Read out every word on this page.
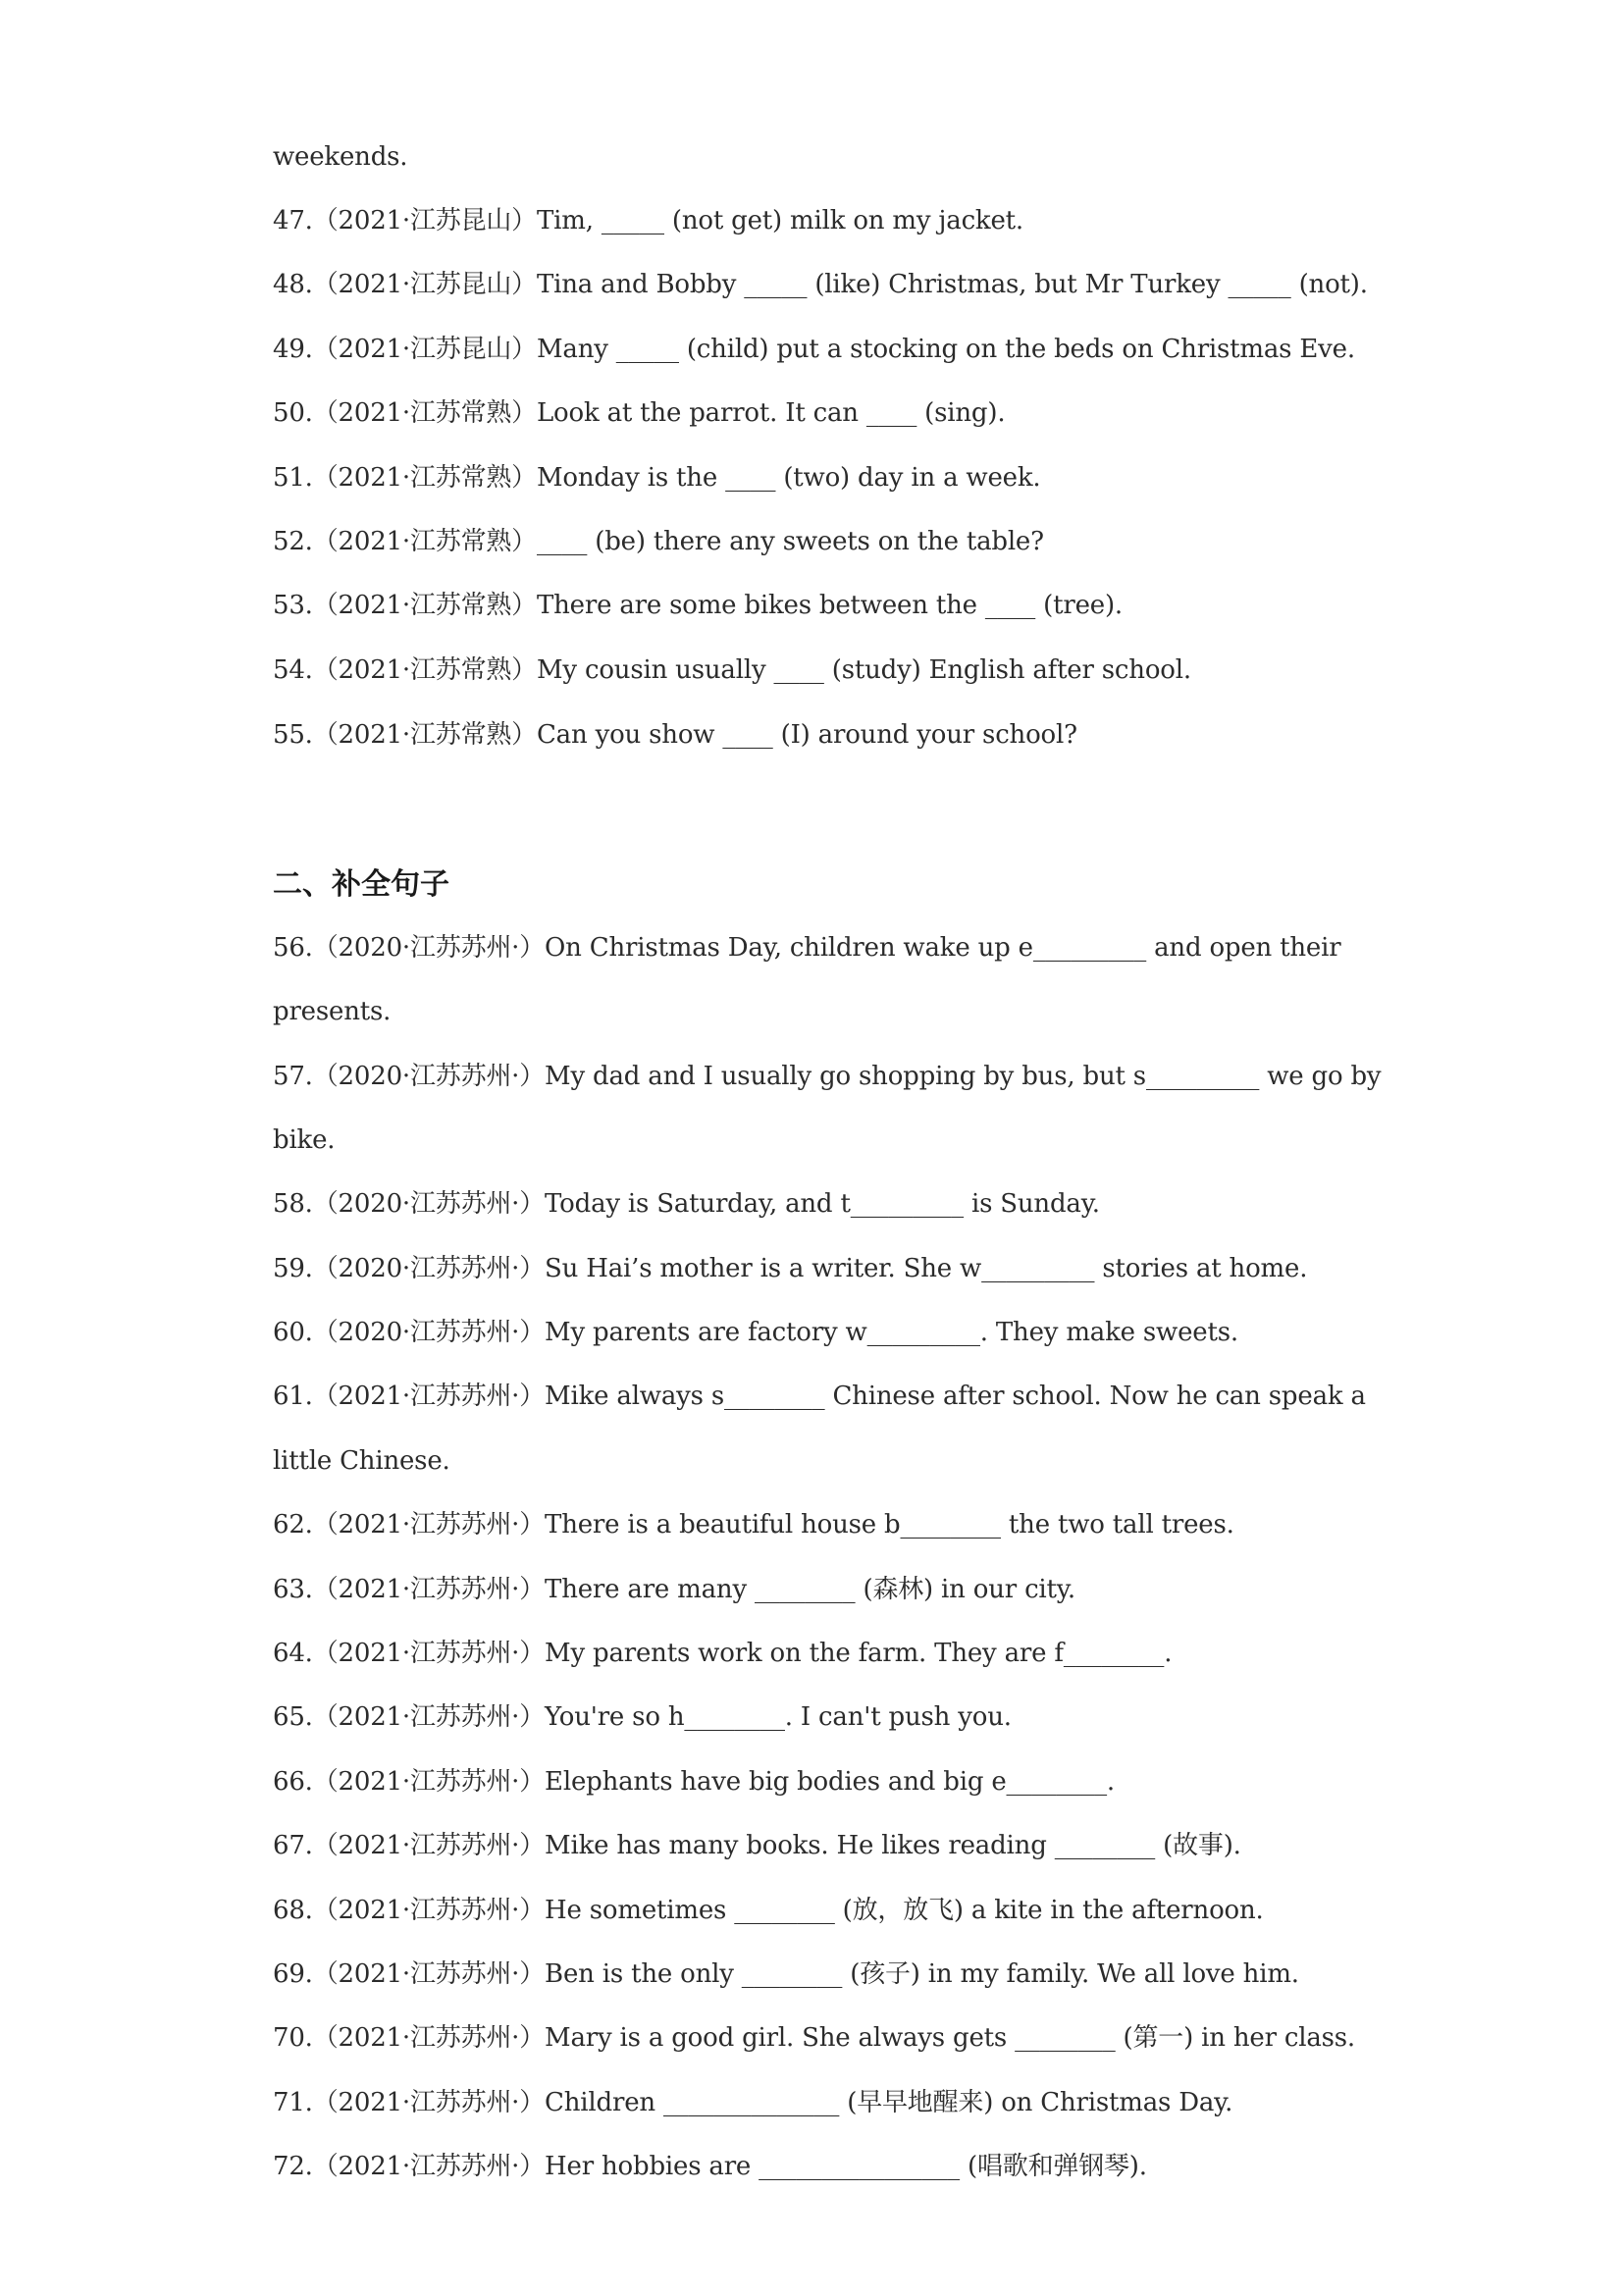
weekends.
47.（2021·江苏昆山）Tim, _____ (not get) milk on my jacket.
48.（2021·江苏昆山）Tina and Bobby _____ (like) Christmas, but Mr Turkey _____ (not).
49.（2021·江苏昆山）Many _____ (child) put a stocking on the beds on Christmas Eve.
50.（2021·江苏常熟）Look at the parrot. It can ____ (sing).
51.（2021·江苏常熟）Monday is the ____ (two) day in a week.
52.（2021·江苏常熟）____ (be) there any sweets on the table?
53.（2021·江苏常熟）There are some bikes between the ____ (tree).
54.（2021·江苏常熟）My cousin usually ____ (study) English after school.
55.（2021·江苏常熟）Can you show ____ (I) around your school?
二、补全句子
56.（2020·江苏苏州·）On Christmas Day, children wake up e_________ and open their
presents.
57.（2020·江苏苏州·）My dad and I usually go shopping by bus, but s_________ we go by
bike.
58.（2020·江苏苏州·）Today is Saturday, and t_________ is Sunday.
59.（2020·江苏苏州·）Su Hai’s mother is a writer. She w_________ stories at home.
60.（2020·江苏苏州·）My parents are factory w_________. They make sweets.
61.（2021·江苏苏州·）Mike always s________ Chinese after school. Now he can speak a
little Chinese.
62.（2021·江苏苏州·）There is a beautiful house b________ the two tall trees.
63.（2021·江苏苏州·）There are many ________ (森林) in our city.
64.（2021·江苏苏州·）My parents work on the farm. They are f________.
65.（2021·江苏苏州·）You're so h________. I can't push you.
66.（2021·江苏苏州·）Elephants have big bodies and big e________.
67.（2021·江苏苏州·）Mike has many books. He likes reading ________ (故事).
68.（2021·江苏苏州·）He sometimes ________ (放，放飞) a kite in the afternoon.
69.（2021·江苏苏州·）Ben is the only ________ (孩子) in my family. We all love him.
70.（2021·江苏苏州·）Mary is a good girl. She always gets ________ (第一) in her class.
71.（2021·江苏苏州·）Children ______________ (早早地醒来) on Christmas Day.
72.（2021·江苏苏州·）Her hobbies are ________________ (唱歌和弹钢琴).
